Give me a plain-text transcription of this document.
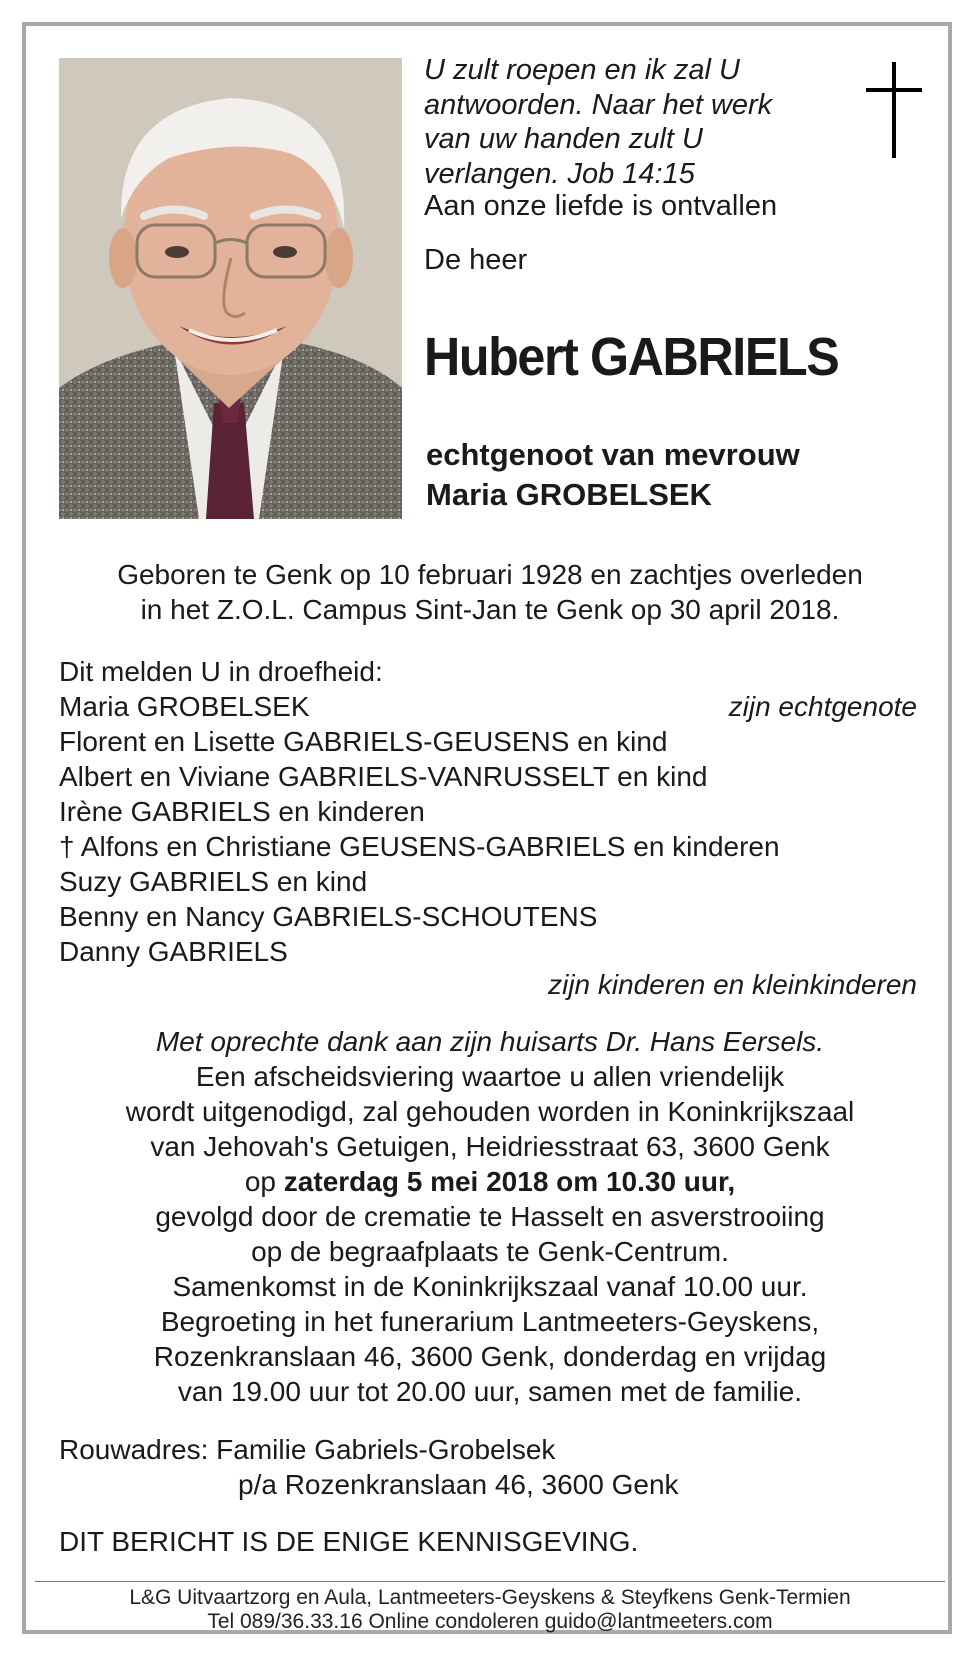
U zult roepen en ik zal U
antwoorden. Naar het werk
van uw handen zult U
verlangen. Job 14:15
Aan onze liefde is ontvallen
De heer
Hubert GABRIELS
echtgenoot van mevrouw
Maria GROBELSEK
Geboren te Genk op 10 februari 1928 en zachtjes overleden
in het Z.O.L. Campus Sint-Jan te Genk op 30 april 2018.
Dit melden U in droefheid:
Maria GROBELSEK	zijn echtgenote
Florent en Lisette GABRIELS-GEUSENS en kind
Albert en Viviane GABRIELS-VANRUSSELT en kind
Irène GABRIELS en kinderen
† Alfons en Christiane GEUSENS-GABRIELS en kinderen
Suzy GABRIELS en kind
Benny en Nancy GABRIELS-SCHOUTENS
Danny GABRIELS
zijn kinderen en kleinkinderen
Met oprechte dank aan zijn huisarts Dr. Hans Eersels.
Een afscheidsviering waartoe u allen vriendelijk
wordt uitgenodigd, zal gehouden worden in Koninkrijkszaal
van Jehovah's Getuigen, Heidriesstraat 63, 3600 Genk
op zaterdag 5 mei 2018 om 10.30 uur,
gevolgd door de crematie te Hasselt en asverstrooiing
op de begraafplaats te Genk-Centrum.
Samenkomst in de Koninkrijkszaal vanaf 10.00 uur.
Begroeting in het funerarium Lantmeeters-Geyskens,
Rozenkranslaan 46, 3600 Genk, donderdag en vrijdag
van 19.00 uur tot 20.00 uur, samen met de familie.
Rouwadres: Familie Gabriels-Grobelsek
p/a Rozenkranslaan 46, 3600 Genk
DIT BERICHT IS DE ENIGE KENNISGEVING.
L&G Uitvaartzorg en Aula, Lantmeeters-Geyskens & Steyfkens Genk-Termien
Tel 089/36.33.16 Online condoleren guido@lantmeeters.com
